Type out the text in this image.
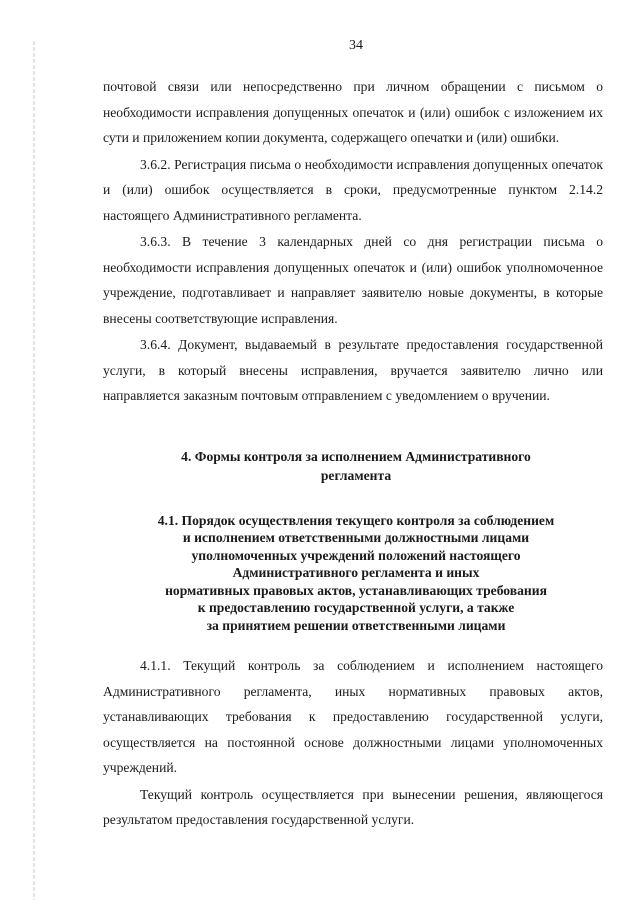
34

почтовой связи или непосредственно при личном обращении с письмом о необходимости исправления допущенных опечаток и (или) ошибок с изложением их сути и приложением копии документа, содержащего опечатки и (или) ошибки.

3.6.2. Регистрация письма о необходимости исправления допущенных опечаток и (или) ошибок осуществляется в сроки, предусмотренные пунктом 2.14.2 настоящего Административного регламента.

3.6.3. В течение 3 календарных дней со дня регистрации письма о необходимости исправления допущенных опечаток и (или) ошибок уполномоченное учреждение, подготавливает и направляет заявителю новые документы, в которые внесены соответствующие исправления.

3.6.4. Документ, выдаваемый в результате предоставления государственной услуги, в который внесены исправления, вручается заявителю лично или направляется заказным почтовым отправлением с уведомлением о вручении.

4. Формы контроля за исполнением Административного
регламента
4.1. Порядок осуществления текущего контроля за соблюдением
и исполнением ответственными должностными лицами
уполномоченных учреждений положений настоящего
Административного регламента и иных
нормативных правовых актов, устанавливающих требования
к предоставлению государственной услуги, а также
за принятием решении ответственными лицами

4.1.1. Текущий контроль за соблюдением и исполнением настоящего Административного регламента, иных нормативных правовых актов, устанавливающих требования к предоставлению государственной услуги, осуществляется на постоянной основе должностными лицами уполномоченных учреждений.

Текущий контроль осуществляется при вынесении решения, являющегося результатом предоставления государственной услуги.
